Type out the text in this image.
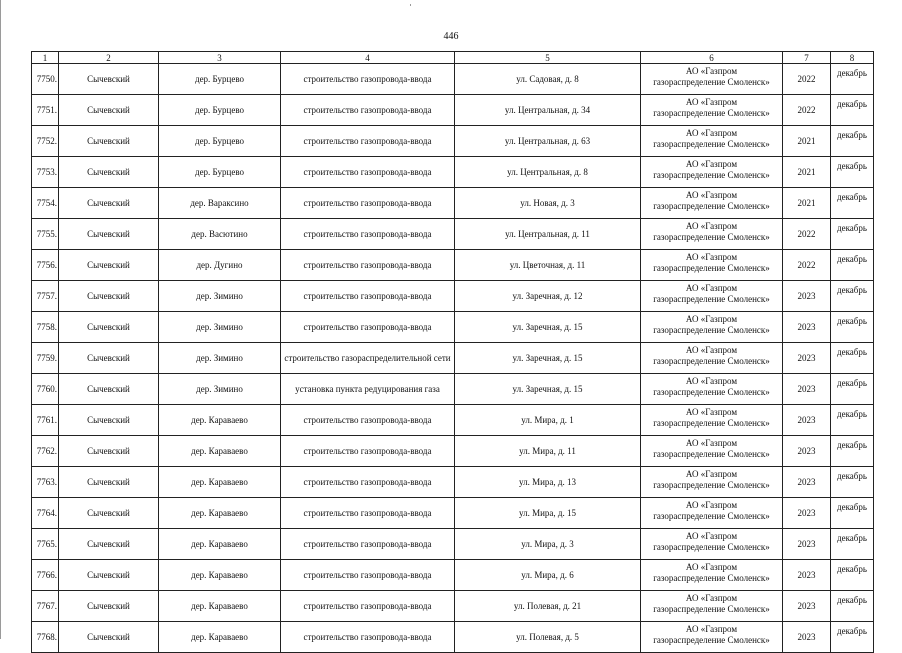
446
1	2	3	4	5	6	7	8
7750.	Сычевский	дер. Бурцево	строительство газопровода-ввода	ул. Садовая, д. 8	АО «Газпром
газораспределение Смоленск»	2022	декабрь
7751.	Сычевский	дер. Бурцево	строительство газопровода-ввода	ул. Центральная, д. 34	АО «Газпром
газораспределение Смоленск»	2022	декабрь
7752.	Сычевский	дер. Бурцево	строительство газопровода-ввода	ул. Центральная, д. 63	АО «Газпром
газораспределение Смоленск»	2021	декабрь
7753.	Сычевский	дер. Бурцево	строительство газопровода-ввода	ул. Центральная, д. 8	АО «Газпром
газораспределение Смоленск»	2021	декабрь
7754.	Сычевский	дер. Вараксино	строительство газопровода-ввода	ул. Новая, д. 3	АО «Газпром
газораспределение Смоленск»	2021	декабрь
7755.	Сычевский	дер. Васютино	строительство газопровода-ввода	ул. Центральная, д. 11	АО «Газпром
газораспределение Смоленск»	2022	декабрь
7756.	Сычевский	дер. Дугино	строительство газопровода-ввода	ул. Цветочная, д. 11	АО «Газпром
газораспределение Смоленск»	2022	декабрь
7757.	Сычевский	дер. Зимино	строительство газопровода-ввода	ул. Заречная, д. 12	АО «Газпром
газораспределение Смоленск»	2023	декабрь
7758.	Сычевский	дер. Зимино	строительство газопровода-ввода	ул. Заречная, д. 15	АО «Газпром
газораспределение Смоленск»	2023	декабрь
7759.	Сычевский	дер. Зимино	строительство газораспределительной сети	ул. Заречная, д. 15	АО «Газпром
газораспределение Смоленск»	2023	декабрь
7760.	Сычевский	дер. Зимино	установка пункта редуцирования газа	ул. Заречная, д. 15	АО «Газпром
газораспределение Смоленск»	2023	декабрь
7761.	Сычевский	дер. Караваево	строительство газопровода-ввода	ул. Мира, д. 1	АО «Газпром
газораспределение Смоленск»	2023	декабрь
7762.	Сычевский	дер. Караваево	строительство газопровода-ввода	ул. Мира, д. 11	АО «Газпром
газораспределение Смоленск»	2023	декабрь
7763.	Сычевский	дер. Караваево	строительство газопровода-ввода	ул. Мира, д. 13	АО «Газпром
газораспределение Смоленск»	2023	декабрь
7764.	Сычевский	дер. Караваево	строительство газопровода-ввода	ул. Мира, д. 15	АО «Газпром
газораспределение Смоленск»	2023	декабрь
7765.	Сычевский	дер. Караваево	строительство газопровода-ввода	ул. Мира, д. 3	АО «Газпром
газораспределение Смоленск»	2023	декабрь
7766.	Сычевский	дер. Караваево	строительство газопровода-ввода	ул. Мира, д. 6	АО «Газпром
газораспределение Смоленск»	2023	декабрь
7767.	Сычевский	дер. Караваево	строительство газопровода-ввода	ул. Полевая, д. 21	АО «Газпром
газораспределение Смоленск»	2023	декабрь
7768.	Сычевский	дер. Караваево	строительство газопровода-ввода	ул. Полевая, д. 5	АО «Газпром
газораспределение Смоленск»	2023	декабрь
